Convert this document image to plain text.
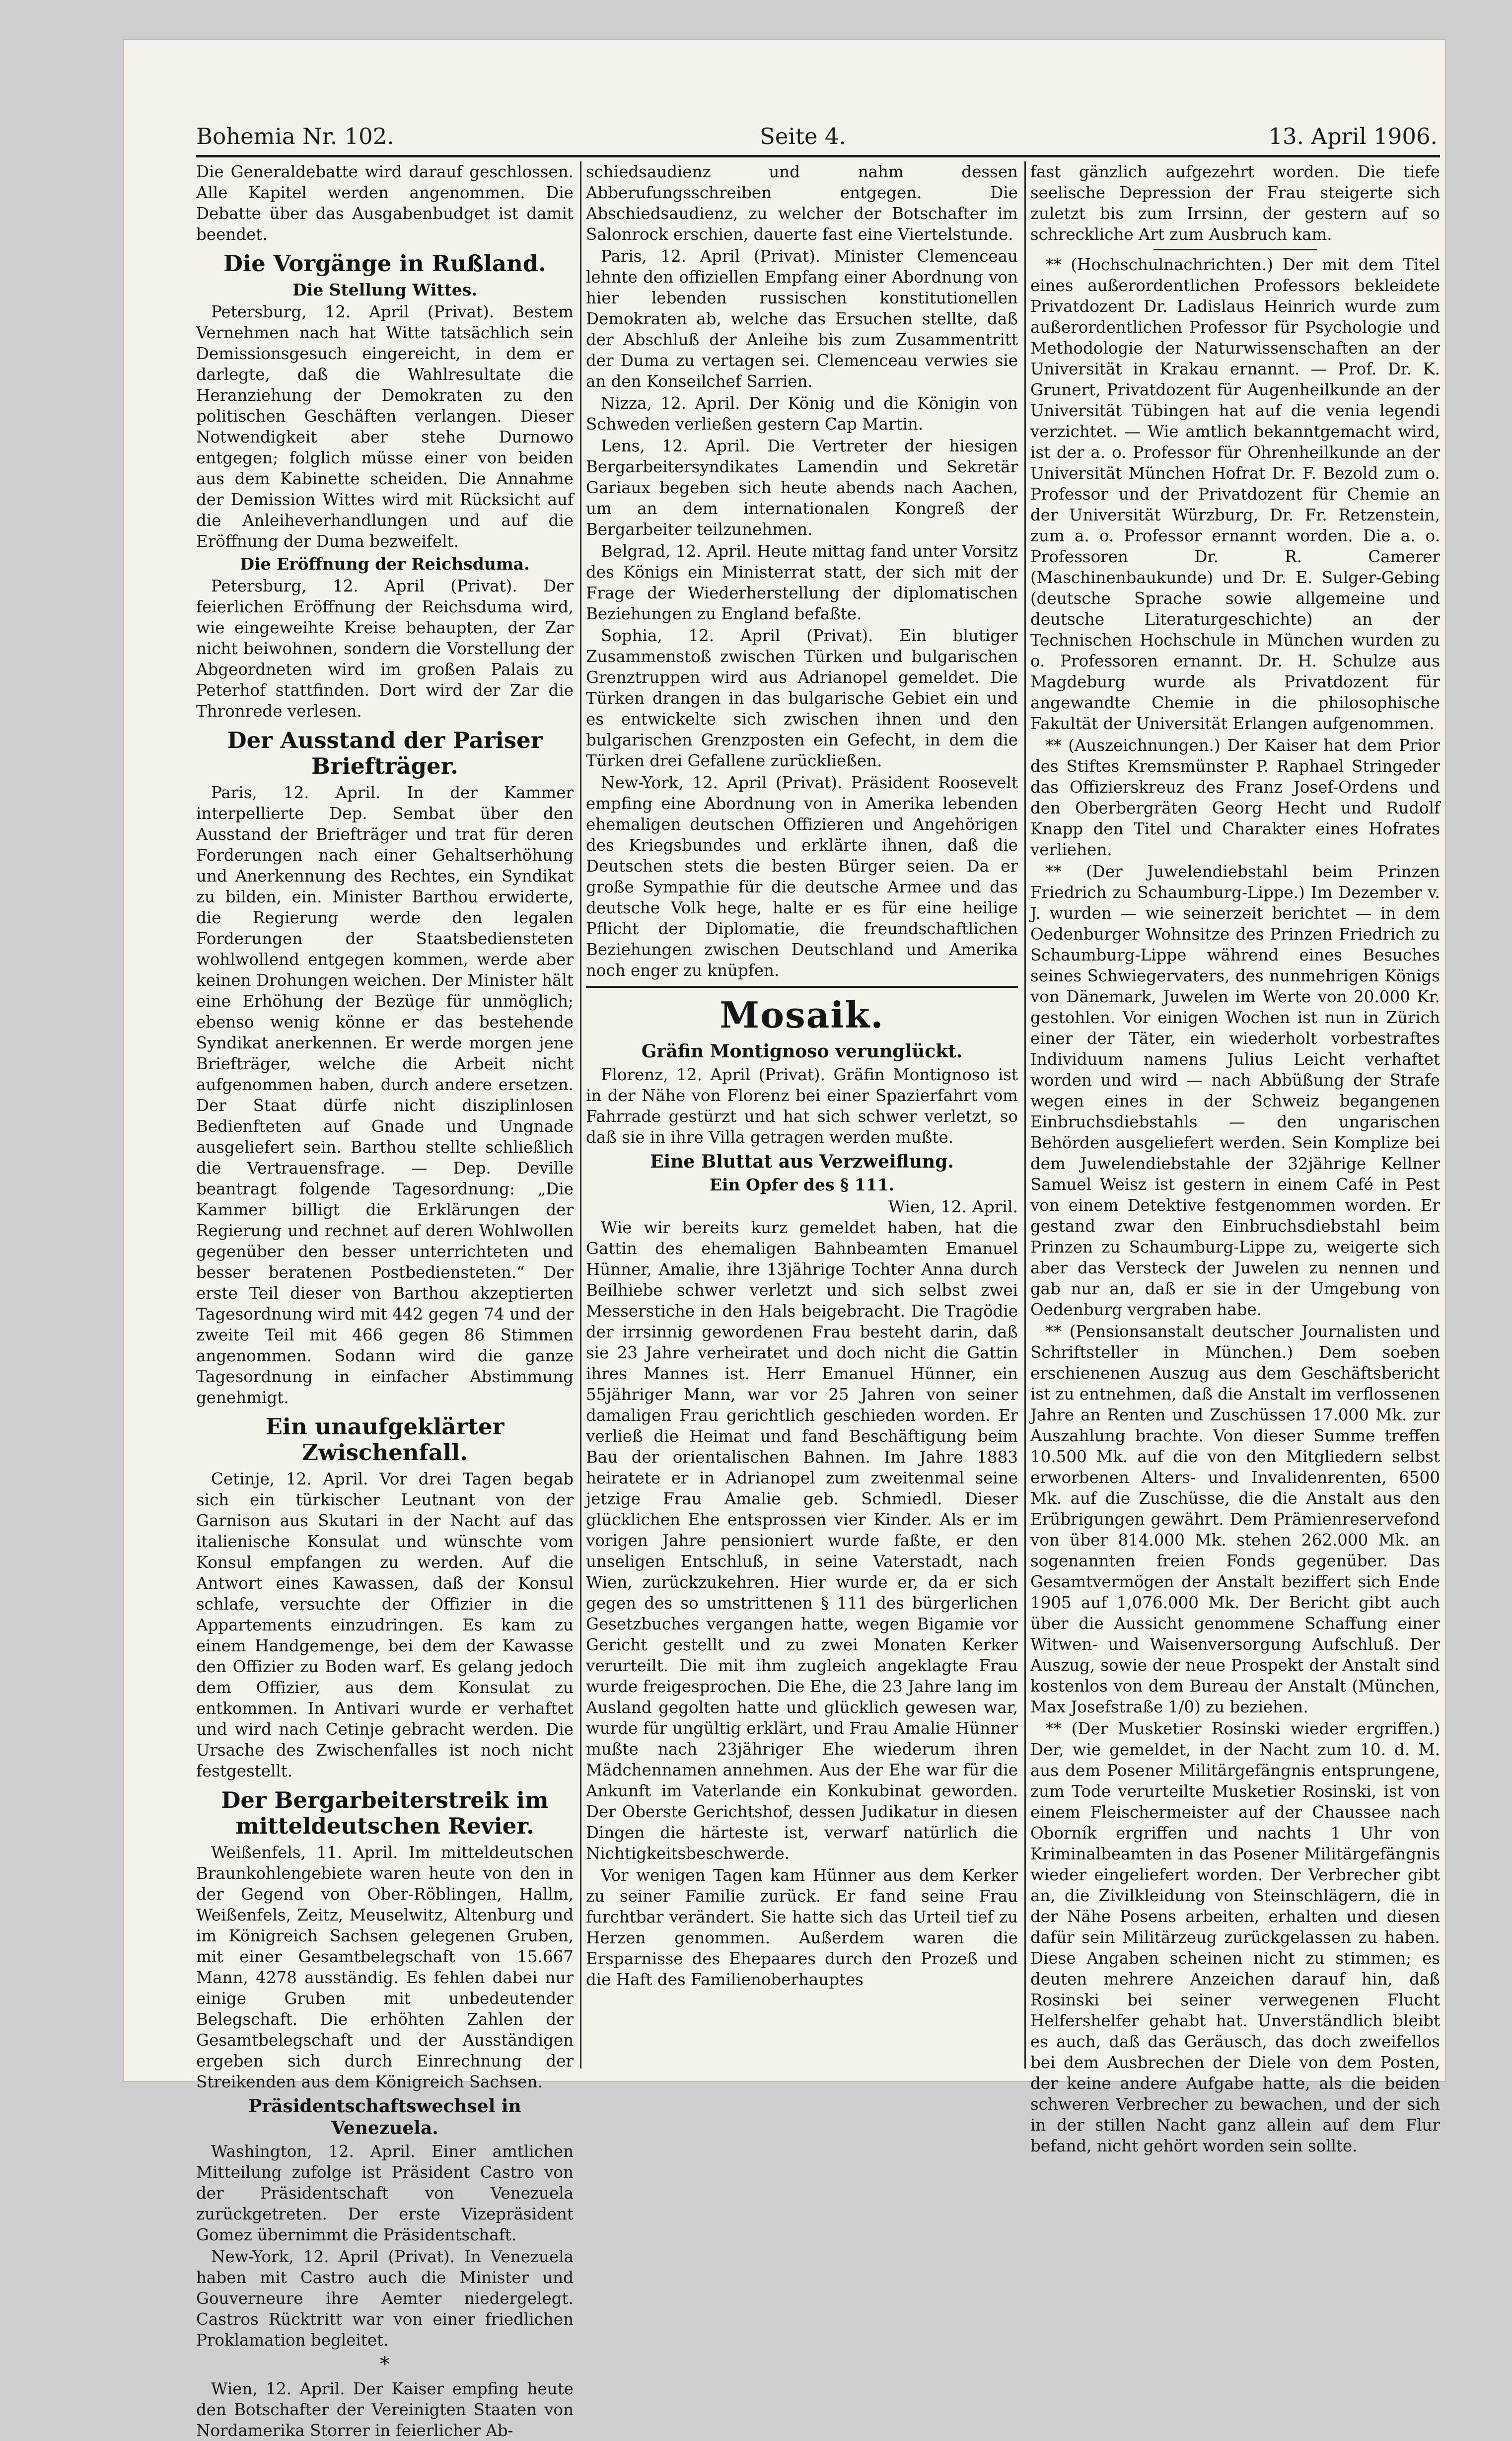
Bohemia Nr. 102.	Seite 4.	13. April 1906.

Die Generaldebatte wird darauf geschlossen. Alle Kapitel werden angenommen. Die Debatte über das Ausgabenbudget ist damit beendet.

Die Vorgänge in Rußland.
Die Stellung Wittes.

Petersburg, 12. April (Privat). Bestem Vernehmen nach hat Witte tatsächlich sein Demissionsgesuch eingereicht, in dem er darlegte, daß die Wahlresultate die Heranziehung der Demokraten zu den politischen Geschäften verlangen. Dieser Notwendigkeit aber stehe Durnowo entgegen; folglich müsse einer von beiden aus dem Kabinette scheiden. Die Annahme der Demission Wittes wird mit Rücksicht auf die Anleiheverhandlungen und auf die Eröffnung der Duma bezweifelt.

Die Eröffnung der Reichsduma.

Petersburg, 12. April (Privat). Der feierlichen Eröffnung der Reichsduma wird, wie eingeweihte Kreise behaupten, der Zar nicht beiwohnen, sondern die Vorstellung der Abgeordneten wird im großen Palais zu Peterhof stattfinden. Dort wird der Zar die Thronrede verlesen.

Der Ausstand der Pariser Briefträger.

Paris, 12. April. In der Kammer interpellierte Dep. Sembat über den Ausstand der Briefträger und trat für deren Forderungen nach einer Gehaltserhöhung und Anerkennung des Rechtes, ein Syndikat zu bilden, ein. Minister Barthou erwiderte, die Regierung werde den legalen Forderungen der Staatsbediensteten wohlwollend entgegen kommen, werde aber keinen Drohungen weichen. Der Minister hält eine Erhöhung der Bezüge für unmöglich; ebenso wenig könne er das bestehende Syndikat anerkennen. Er werde morgen jene Briefträger, welche die Arbeit nicht aufgenommen haben, durch andere ersetzen. Der Staat dürfe nicht disziplinlosen Bedienfteten auf Gnade und Ungnade ausgeliefert sein. Barthou stellte schließlich die Vertrauensfrage. — Dep. Deville beantragt folgende Tagesordnung: „Die Kammer billigt die Erklärungen der Regierung und rechnet auf deren Wohlwollen gegenüber den besser unterrichteten und besser beratenen Postbediensteten.“ Der erste Teil dieser von Barthou akzeptierten Tagesordnung wird mit 442 gegen 74 und der zweite Teil mit 466 gegen 86 Stimmen angenommen. Sodann wird die ganze Tagesordnung in einfacher Abstimmung genehmigt.

Ein unaufgeklärter Zwischenfall.

Cetinje, 12. April. Vor drei Tagen begab sich ein türkischer Leutnant von der Garnison aus Skutari in der Nacht auf das italienische Konsulat und wünschte vom Konsul empfangen zu werden. Auf die Antwort eines Kawassen, daß der Konsul schlafe, versuchte der Offizier in die Appartements einzudringen. Es kam zu einem Handgemenge, bei dem der Kawasse den Offizier zu Boden warf. Es gelang jedoch dem Offizier, aus dem Konsulat zu entkommen. In Antivari wurde er verhaftet und wird nach Cetinje gebracht werden. Die Ursache des Zwischenfalles ist noch nicht festgestellt.

Der Bergarbeiterstreik im mitteldeutschen Revier.

Weißenfels, 11. April. Im mitteldeutschen Braunkohlengebiete waren heute von den in der Gegend von Ober-Röblingen, Hallm, Weißenfels, Zeitz, Meuselwitz, Altenburg und im Königreich Sachsen gelegenen Gruben, mit einer Gesamtbelegschaft von 15.667 Mann, 4278 ausständig. Es fehlen dabei nur einige Gruben mit unbedeutender Belegschaft. Die erhöhten Zahlen der Gesamtbelegschaft und der Ausständigen ergeben sich durch Einrechnung der Streikenden aus dem Königreich Sachsen.

Präsidentschaftswechsel in Venezuela.

Washington, 12. April. Einer amtlichen Mitteilung zufolge ist Präsident Castro von der Präsidentschaft von Venezuela zurückgetreten. Der erste Vizepräsident Gomez übernimmt die Präsidentschaft.

New-York, 12. April (Privat). In Venezuela haben mit Castro auch die Minister und Gouverneure ihre Aemter niedergelegt. Castros Rücktritt war von einer friedlichen Proklamation begleitet.

*

Wien, 12. April. Der Kaiser empfing heute den Botschafter der Vereinigten Staaten von Nordamerika Storrer in feierlicher Ab-

schiedsaudienz und nahm dessen Abberufungsschreiben entgegen. Die Abschiedsaudienz, zu welcher der Botschafter im Salonrock erschien, dauerte fast eine Viertelstunde.

Paris, 12. April (Privat). Minister Clemenceau lehnte den offiziellen Empfang einer Abordnung von hier lebenden russischen konstitutionellen Demokraten ab, welche das Ersuchen stellte, daß der Abschluß der Anleihe bis zum Zusammentritt der Duma zu vertagen sei. Clemenceau verwies sie an den Konseilchef Sarrien.

Nizza, 12. April. Der König und die Königin von Schweden verließen gestern Cap Martin.

Lens, 12. April. Die Vertreter der hiesigen Bergarbeitersyndikates Lamendin und Sekretär Gariaux begeben sich heute abends nach Aachen, um an dem internationalen Kongreß der Bergarbeiter teilzunehmen.

Belgrad, 12. April. Heute mittag fand unter Vorsitz des Königs ein Ministerrat statt, der sich mit der Frage der Wiederherstellung der diplomatischen Beziehungen zu England befaßte.

Sophia, 12. April (Privat). Ein blutiger Zusammenstoß zwischen Türken und bulgarischen Grenztruppen wird aus Adrianopel gemeldet. Die Türken drangen in das bulgarische Gebiet ein und es entwickelte sich zwischen ihnen und den bulgarischen Grenzposten ein Gefecht, in dem die Türken drei Gefallene zurückließen.

New-York, 12. April (Privat). Präsident Roosevelt empfing eine Abordnung von in Amerika lebenden ehemaligen deutschen Offizieren und Angehörigen des Kriegsbundes und erklärte ihnen, daß die Deutschen stets die besten Bürger seien. Da er große Sympathie für die deutsche Armee und das deutsche Volk hege, halte er es für eine heilige Pflicht der Diplomatie, die freundschaftlichen Beziehungen zwischen Deutschland und Amerika noch enger zu knüpfen.

Mosaik.
Gräfin Montignoso verunglückt.

Florenz, 12. April (Privat). Gräfin Montignoso ist in der Nähe von Florenz bei einer Spazierfahrt vom Fahrrade gestürzt und hat sich schwer verletzt, so daß sie in ihre Villa getragen werden mußte.

Eine Bluttat aus Verzweiflung.
Ein Opfer des § 111.

Wien, 12. April.

Wie wir bereits kurz gemeldet haben, hat die Gattin des ehemaligen Bahnbeamten Emanuel Hünner, Amalie, ihre 13jährige Tochter Anna durch Beilhiebe schwer verletzt und sich selbst zwei Messerstiche in den Hals beigebracht. Die Tragödie der irrsinnig gewordenen Frau besteht darin, daß sie 23 Jahre verheiratet und doch nicht die Gattin ihres Mannes ist. Herr Emanuel Hünner, ein 55jähriger Mann, war vor 25 Jahren von seiner damaligen Frau gerichtlich geschieden worden. Er verließ die Heimat und fand Beschäftigung beim Bau der orientalischen Bahnen. Im Jahre 1883 heiratete er in Adrianopel zum zweitenmal seine jetzige Frau Amalie geb. Schmiedl. Dieser glücklichen Ehe entsprossen vier Kinder. Als er im vorigen Jahre pensioniert wurde faßte, er den unseligen Entschluß, in seine Vaterstadt, nach Wien, zurückzukehren. Hier wurde er, da er sich gegen des so umstrittenen § 111 des bürgerlichen Gesetzbuches vergangen hatte, wegen Bigamie vor Gericht gestellt und zu zwei Monaten Kerker verurteilt. Die mit ihm zugleich angeklagte Frau wurde freigesprochen. Die Ehe, die 23 Jahre lang im Ausland gegolten hatte und glücklich gewesen war, wurde für ungültig erklärt, und Frau Amalie Hünner mußte nach 23jähriger Ehe wiederum ihren Mädchennamen annehmen. Aus der Ehe war für die Ankunft im Vaterlande ein Konkubinat geworden. Der Oberste Gerichtshof, dessen Judikatur in diesen Dingen die härteste ist, verwarf natürlich die Nichtigkeitsbeschwerde.

Vor wenigen Tagen kam Hünner aus dem Kerker zu seiner Familie zurück. Er fand seine Frau furchtbar verändert. Sie hatte sich das Urteil tief zu Herzen genommen. Außerdem waren die Ersparnisse des Ehepaares durch den Prozeß und die Haft des Familienoberhauptes

fast gänzlich aufgezehrt worden. Die tiefe seelische Depression der Frau steigerte sich zuletzt bis zum Irrsinn, der gestern auf so schreckliche Art zum Ausbruch kam.

** (Hochschulnachrichten.) Der mit dem Titel eines außerordentlichen Professors bekleidete Privatdozent Dr. Ladislaus Heinrich wurde zum außerordentlichen Professor für Psychologie und Methodologie der Naturwissenschaften an der Universität in Krakau ernannt. — Prof. Dr. K. Grunert, Privatdozent für Augenheilkunde an der Universität Tübingen hat auf die venia legendi verzichtet. — Wie amtlich bekanntgemacht wird, ist der a. o. Professor für Ohrenheilkunde an der Universität München Hofrat Dr. F. Bezold zum o. Professor und der Privatdozent für Chemie an der Universität Würzburg, Dr. Fr. Retzenstein, zum a. o. Professor ernannt worden. Die a. o. Professoren Dr. R. Camerer (Maschinenbaukunde) und Dr. E. Sulger-Gebing (deutsche Sprache sowie allgemeine und deutsche Literaturgeschichte) an der Technischen Hochschule in München wurden zu o. Professoren ernannt. Dr. H. Schulze aus Magdeburg wurde als Privatdozent für angewandte Chemie in die philosophische Fakultät der Universität Erlangen aufgenommen.

** (Auszeichnungen.) Der Kaiser hat dem Prior des Stiftes Kremsmünster P. Raphael Stringeder das Offizierskreuz des Franz Josef-Ordens und den Oberbergräten Georg Hecht und Rudolf Knapp den Titel und Charakter eines Hofrates verliehen.

** (Der Juwelendiebstahl beim Prinzen Friedrich zu Schaumburg-Lippe.) Im Dezember v. J. wurden — wie seinerzeit berichtet — in dem Oedenburger Wohnsitze des Prinzen Friedrich zu Schaumburg-Lippe während eines Besuches seines Schwiegervaters, des nunmehrigen Königs von Dänemark, Juwelen im Werte von 20.000 Kr. gestohlen. Vor einigen Wochen ist nun in Zürich einer der Täter, ein wiederholt vorbestraftes Individuum namens Julius Leicht verhaftet worden und wird — nach Abbüßung der Strafe wegen eines in der Schweiz begangenen Einbruchsdiebstahls — den ungarischen Behörden ausgeliefert werden. Sein Komplize bei dem Juwelendiebstahle der 32jährige Kellner Samuel Weisz ist gestern in einem Café in Pest von einem Detektive festgenommen worden. Er gestand zwar den Einbruchsdiebstahl beim Prinzen zu Schaumburg-Lippe zu, weigerte sich aber das Versteck der Juwelen zu nennen und gab nur an, daß er sie in der Umgebung von Oedenburg vergraben habe.

** (Pensionsanstalt deutscher Journalisten und Schriftsteller in München.) Dem soeben erschienenen Auszug aus dem Geschäftsbericht ist zu entnehmen, daß die Anstalt im verflossenen Jahre an Renten und Zuschüssen 17.000 Mk. zur Auszahlung brachte. Von dieser Summe treffen 10.500 Mk. auf die von den Mitgliedern selbst erworbenen Alters- und Invalidenrenten, 6500 Mk. auf die Zuschüsse, die die Anstalt aus den Erübrigungen gewährt. Dem Prämienreservefond von über 814.000 Mk. stehen 262.000 Mk. an sogenannten freien Fonds gegenüber. Das Gesamtvermögen der Anstalt beziffert sich Ende 1905 auf 1,076.000 Mk. Der Bericht gibt auch über die Aussicht genommene Schaffung einer Witwen- und Waisenversorgung Aufschluß. Der Auszug, sowie der neue Prospekt der Anstalt sind kostenlos von dem Bureau der Anstalt (München, Max Josefstraße 1/0) zu beziehen.

** (Der Musketier Rosinski wieder ergriffen.) Der, wie gemeldet, in der Nacht zum 10. d. M. aus dem Posener Militärgefängnis entsprungene, zum Tode verurteilte Musketier Rosinski, ist von einem Fleischermeister auf der Chaussee nach Oborník ergriffen und nachts 1 Uhr von Kriminalbeamten in das Posener Militärgefängnis wieder eingeliefert worden. Der Verbrecher gibt an, die Zivilkleidung von Steinschlägern, die in der Nähe Posens arbeiten, erhalten und diesen dafür sein Militärzeug zurückgelassen zu haben. Diese Angaben scheinen nicht zu stimmen; es deuten mehrere Anzeichen darauf hin, daß Rosinski bei seiner verwegenen Flucht Helfershelfer gehabt hat. Unverständlich bleibt es auch, daß das Geräusch, das doch zweifellos bei dem Ausbrechen der Diele von dem Posten, der keine andere Aufgabe hatte, als die beiden schweren Verbrecher zu bewachen, und der sich in der stillen Nacht ganz allein auf dem Flur befand, nicht gehört worden sein sollte.
